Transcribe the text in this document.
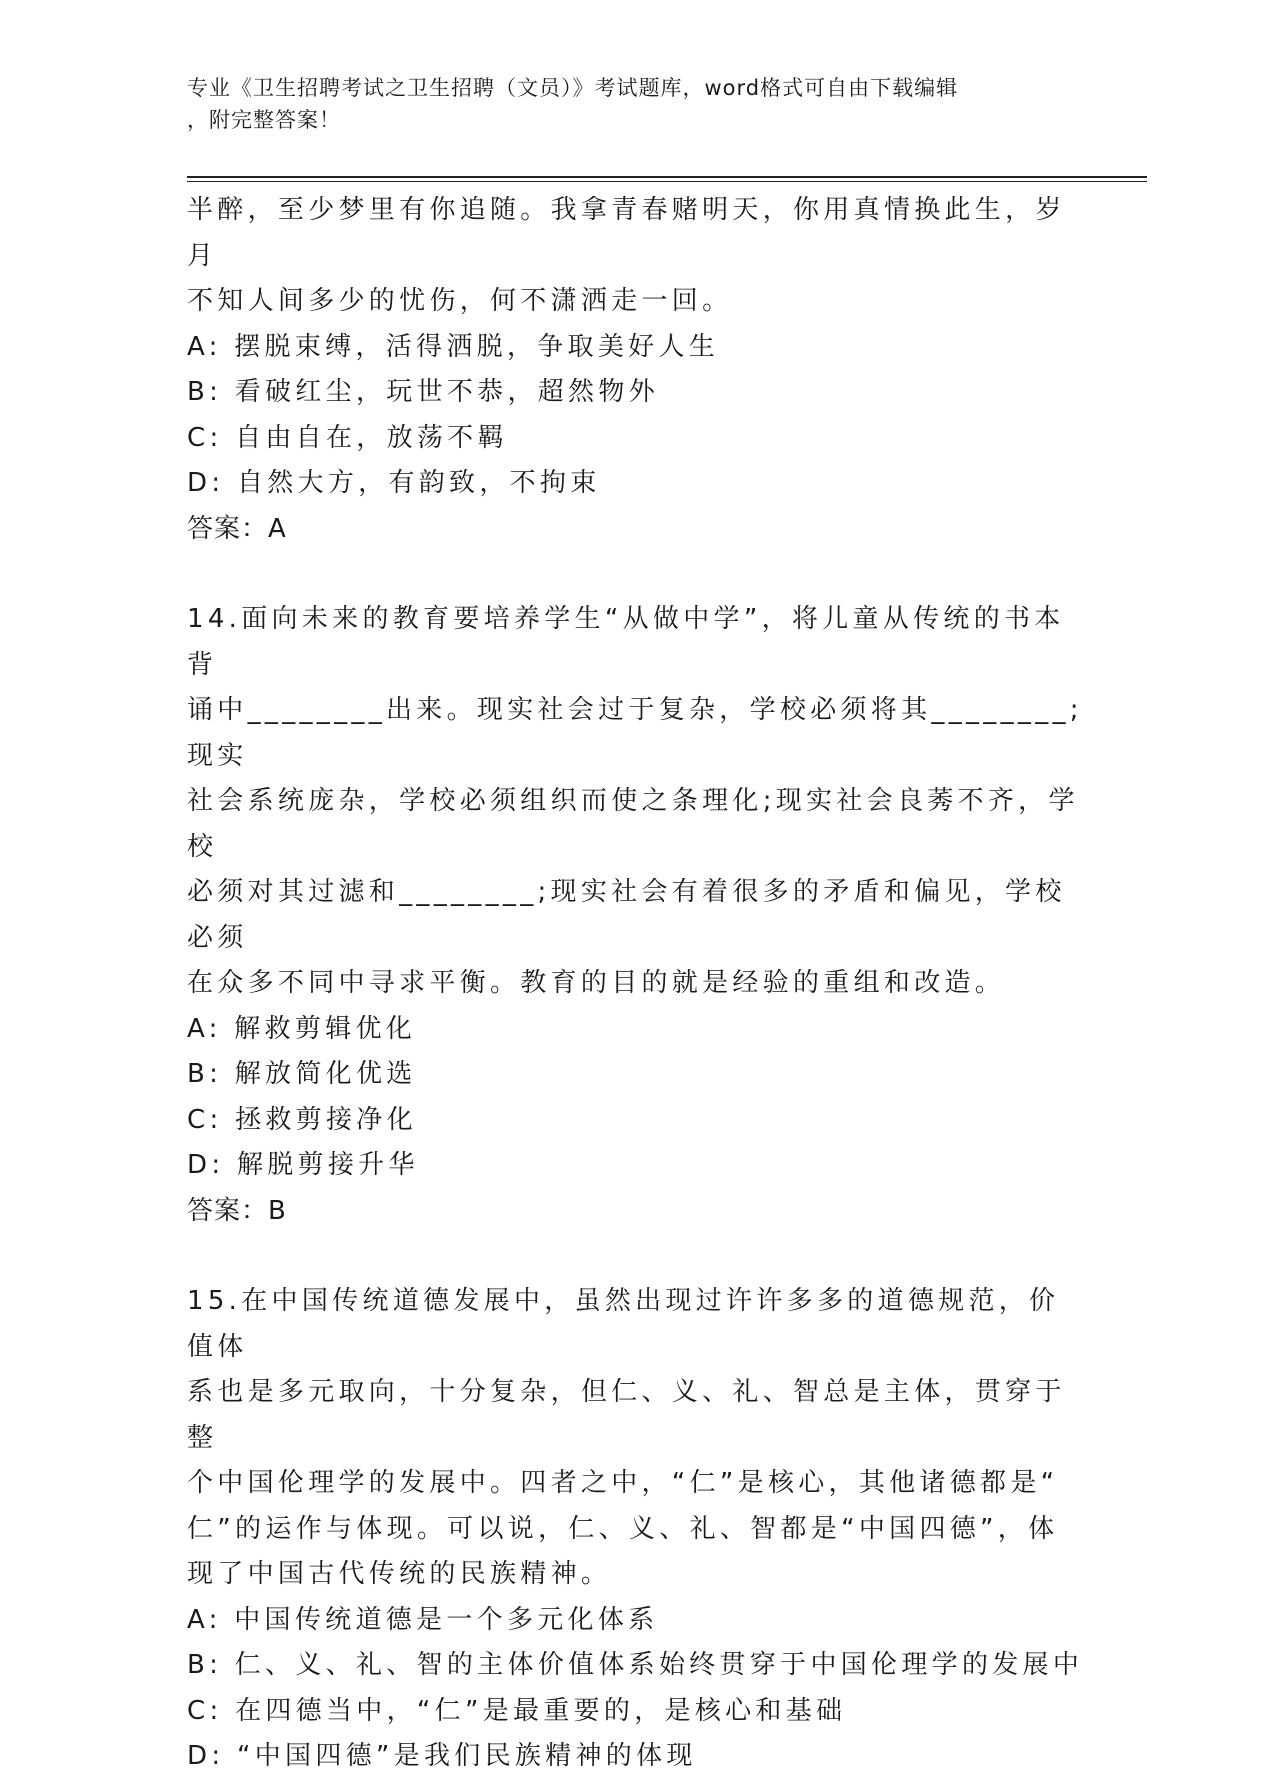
专业《卫生招聘考试之卫生招聘（文员）》考试题库，word格式可自由下载编辑
，附完整答案！

半醉，至少梦里有你追随。我拿青春赌明天，你用真情换此生，岁月

不知人间多少的忧伤，何不潇洒走一回。

A: 摆脱束缚，活得洒脱，争取美好人生

B: 看破红尘，玩世不恭，超然物外

C: 自由自在，放荡不羁

D: 自然大方，有韵致，不拘束

答案：A

14.面向未来的教育要培养学生“从做中学”，将儿童从传统的书本背

诵中________出来。现实社会过于复杂，学校必须将其________;现实

社会系统庞杂，学校必须组织而使之条理化;现实社会良莠不齐，学校

必须对其过滤和________;现实社会有着很多的矛盾和偏见，学校必须

在众多不同中寻求平衡。教育的目的就是经验的重组和改造。

A: 解救剪辑优化

B: 解放简化优选

C: 拯救剪接净化

D: 解脱剪接升华

答案：B

15.在中国传统道德发展中，虽然出现过许许多多的道德规范，价值体

系也是多元取向，十分复杂，但仁、义、礼、智总是主体，贯穿于整

个中国伦理学的发展中。四者之中，“仁”是核心，其他诸德都是“

仁”的运作与体现。可以说，仁、义、礼、智都是“中国四德”，体

现了中国古代传统的民族精神。

A: 中国传统道德是一个多元化体系

B: 仁、义、礼、智的主体价值体系始终贯穿于中国伦理学的发展中

C: 在四德当中，“仁”是最重要的，是核心和基础

D: “中国四德”是我们民族精神的体现
